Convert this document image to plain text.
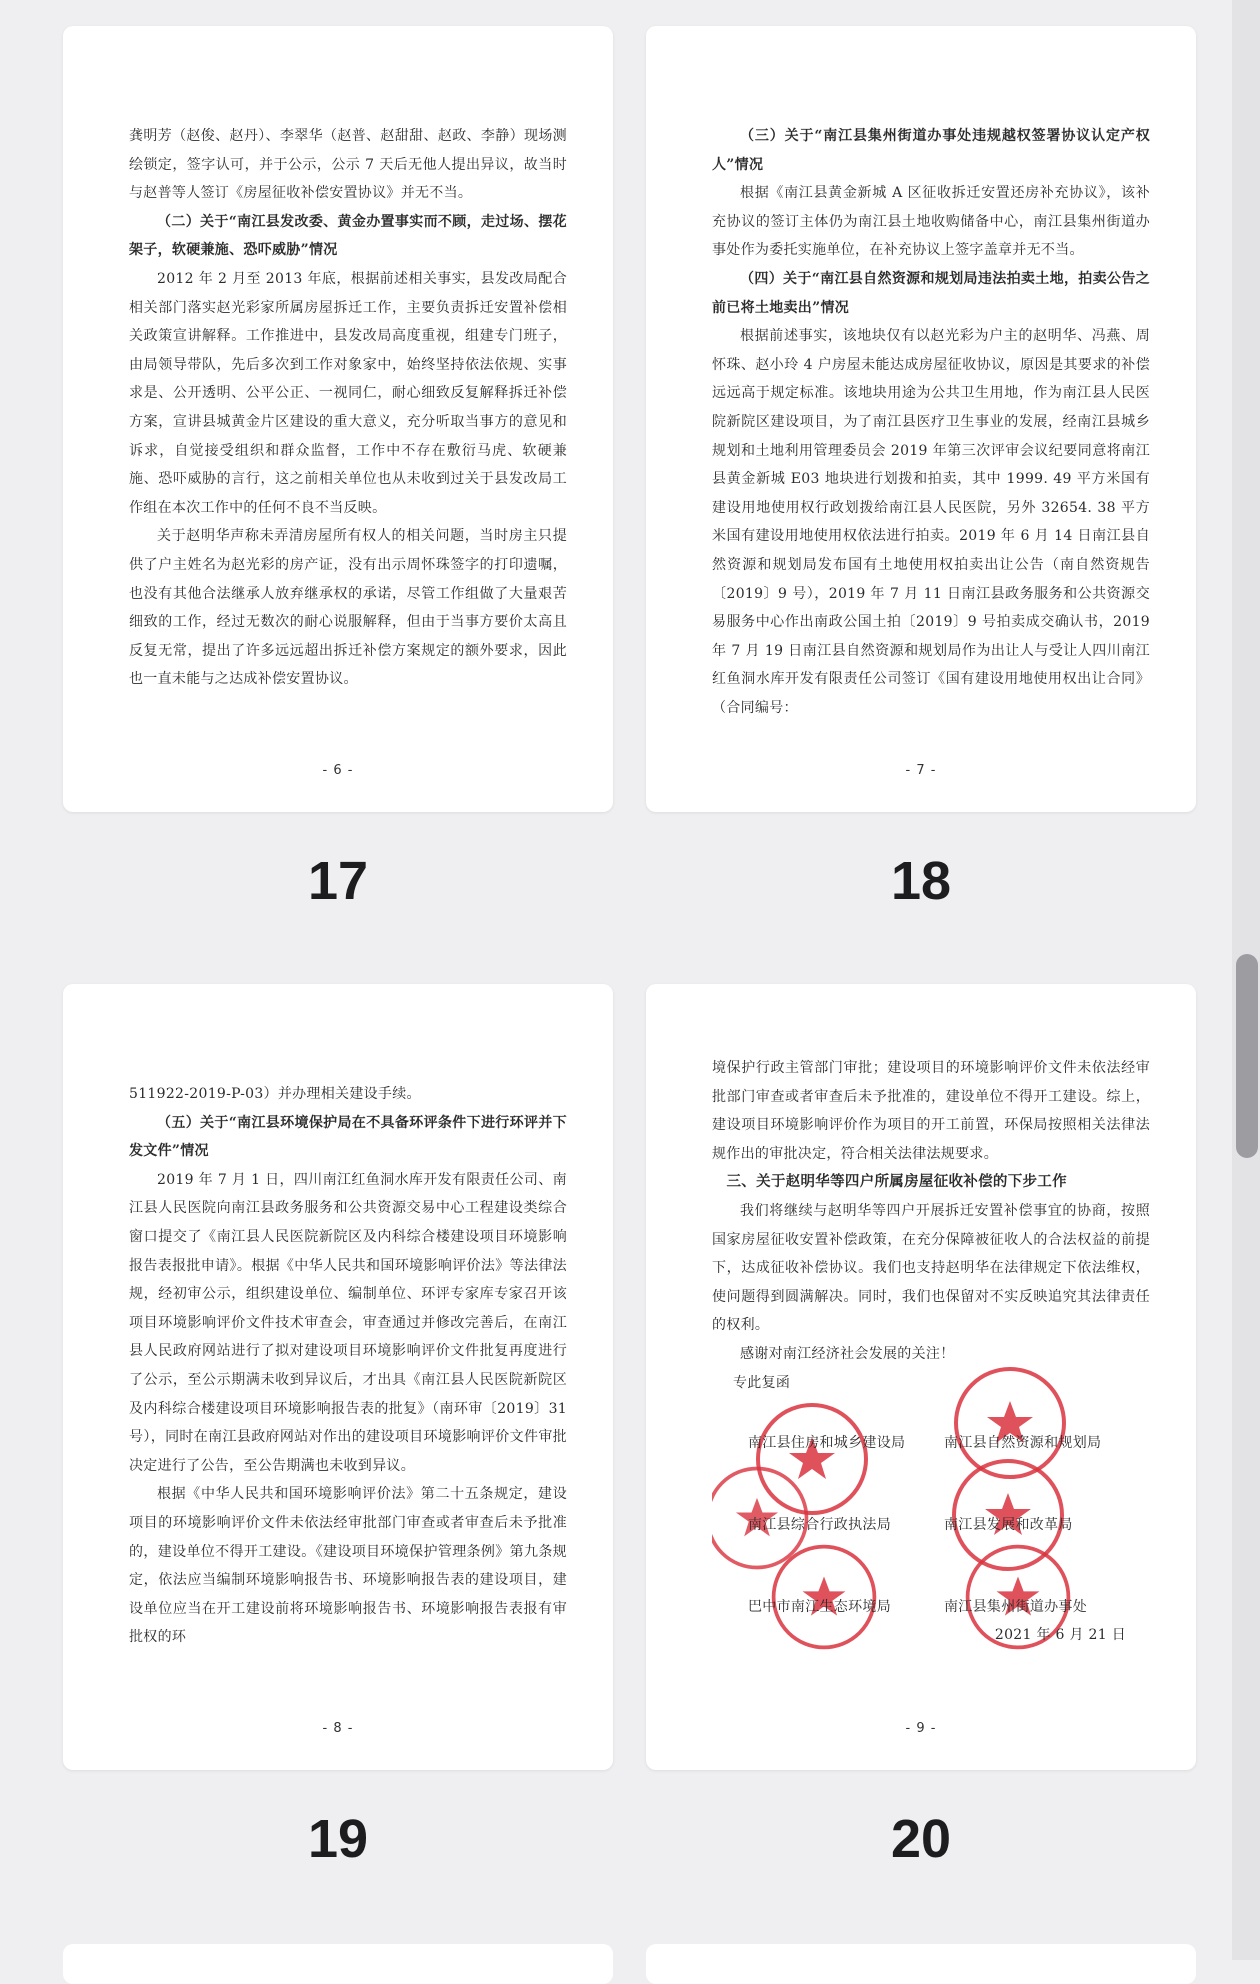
龚明芳（赵俊、赵丹）、李翠华（赵普、赵甜甜、赵政、李静）现场测绘锁定，签字认可，并于公示，公示 7 天后无他人提出异议，故当时与赵普等人签订《房屋征收补偿安置协议》并无不当。

（二）关于“南江县发改委、黄金办置事实而不顾，走过场、摆花架子，软硬兼施、恐吓威胁”情况

2012 年 2 月至 2013 年底，根据前述相关事实，县发改局配合相关部门落实赵光彩家所属房屋拆迁工作，主要负责拆迁安置补偿相关政策宣讲解释。工作推进中，县发改局高度重视，组建专门班子，由局领导带队，先后多次到工作对象家中，始终坚持依法依规、实事求是、公开透明、公平公正、一视同仁，耐心细致反复解释拆迁补偿方案，宣讲县城黄金片区建设的重大意义，充分听取当事方的意见和诉求，自觉接受组织和群众监督，工作中不存在敷衍马虎、软硬兼施、恐吓威胁的言行，这之前相关单位也从未收到过关于县发改局工作组在本次工作中的任何不良不当反映。

关于赵明华声称未弄清房屋所有权人的相关问题，当时房主只提供了户主姓名为赵光彩的房产证，没有出示周怀珠签字的打印遗嘱，也没有其他合法继承人放弃继承权的承诺，尽管工作组做了大量艰苦细致的工作，经过无数次的耐心说服解释，但由于当事方要价太高且反复无常，提出了许多远远超出拆迁补偿方案规定的额外要求，因此也一直未能与之达成补偿安置协议。

- 6 -
17

（三）关于“南江县集州街道办事处违规越权签署协议认定产权人”情况

根据《南江县黄金新城 A 区征收拆迁安置还房补充协议》，该补充协议的签订主体仍为南江县土地收购储备中心，南江县集州街道办事处作为委托实施单位，在补充协议上签字盖章并无不当。

（四）关于“南江县自然资源和规划局违法拍卖土地，拍卖公告之前已将土地卖出”情况

根据前述事实，该地块仅有以赵光彩为户主的赵明华、冯燕、周怀珠、赵小玲 4 户房屋未能达成房屋征收协议，原因是其要求的补偿远远高于规定标准。该地块用途为公共卫生用地，作为南江县人民医院新院区建设项目，为了南江县医疗卫生事业的发展，经南江县城乡规划和土地利用管理委员会 2019 年第三次评审会议纪要同意将南江县黄金新城 E03 地块进行划拨和拍卖，其中 1999. 49 平方米国有建设用地使用权行政划拨给南江县人民医院，另外 32654. 38 平方米国有建设用地使用权依法进行拍卖。2019 年 6 月 14 日南江县自然资源和规划局发布国有土地使用权拍卖出让公告（南自然资规告〔2019〕9 号），2019 年 7 月 11 日南江县政务服务和公共资源交易服务中心作出南政公国土拍〔2019〕9 号拍卖成交确认书，2019 年 7 月 19 日南江县自然资源和规划局作为出让人与受让人四川南江红鱼洞水库开发有限责任公司签订《国有建设用地使用权出让合同》（合同编号：

- 7 -
18

511922-2019-P-03）并办理相关建设手续。

（五）关于“南江县环境保护局在不具备环评条件下进行环评并下发文件”情况

2019 年 7 月 1 日，四川南江红鱼洞水库开发有限责任公司、南江县人民医院向南江县政务服务和公共资源交易中心工程建设类综合窗口提交了《南江县人民医院新院区及内科综合楼建设项目环境影响报告表报批申请》。根据《中华人民共和国环境影响评价法》等法律法规，经初审公示，组织建设单位、编制单位、环评专家库专家召开该项目环境影响评价文件技术审查会，审查通过并修改完善后，在南江县人民政府网站进行了拟对建设项目环境影响评价文件批复再度进行了公示，至公示期满未收到异议后，才出具《南江县人民医院新院区及内科综合楼建设项目环境影响报告表的批复》（南环审〔2019〕31 号），同时在南江县政府网站对作出的建设项目环境影响评价文件审批决定进行了公告，至公告期满也未收到异议。

根据《中华人民共和国环境影响评价法》第二十五条规定，建设项目的环境影响评价文件未依法经审批部门审查或者审查后未予批准的，建设单位不得开工建设。《建设项目环境保护管理条例》第九条规定，依法应当编制环境影响报告书、环境影响报告表的建设项目，建设单位应当在开工建设前将环境影响报告书、环境影响报告表报有审批权的环

- 8 -
19

境保护行政主管部门审批；建设项目的环境影响评价文件未依法经审批部门审查或者审查后未予批准的，建设单位不得开工建设。综上，建设项目环境影响评价作为项目的开工前置，环保局按照相关法律法规作出的审批决定，符合相关法律法规要求。

三、关于赵明华等四户所属房屋征收补偿的下步工作

我们将继续与赵明华等四户开展拆迁安置补偿事宜的协商，按照国家房屋征收安置补偿政策，在充分保障被征收人的合法权益的前提下，达成征收补偿协议。我们也支持赵明华在法律规定下依法维权，使问题得到圆满解决。同时，我们也保留对不实反映追究其法律责任的权利。

感谢对南江经济社会发展的关注！

专此复函

南江县住房和城乡建设局	南江县自然资源和规划局
南江县综合行政执法局	南江县发展和改革局
巴中市南江生态环境局	南江县集州街道办事处
2021 年 6 月 21 日
- 9 -
20
